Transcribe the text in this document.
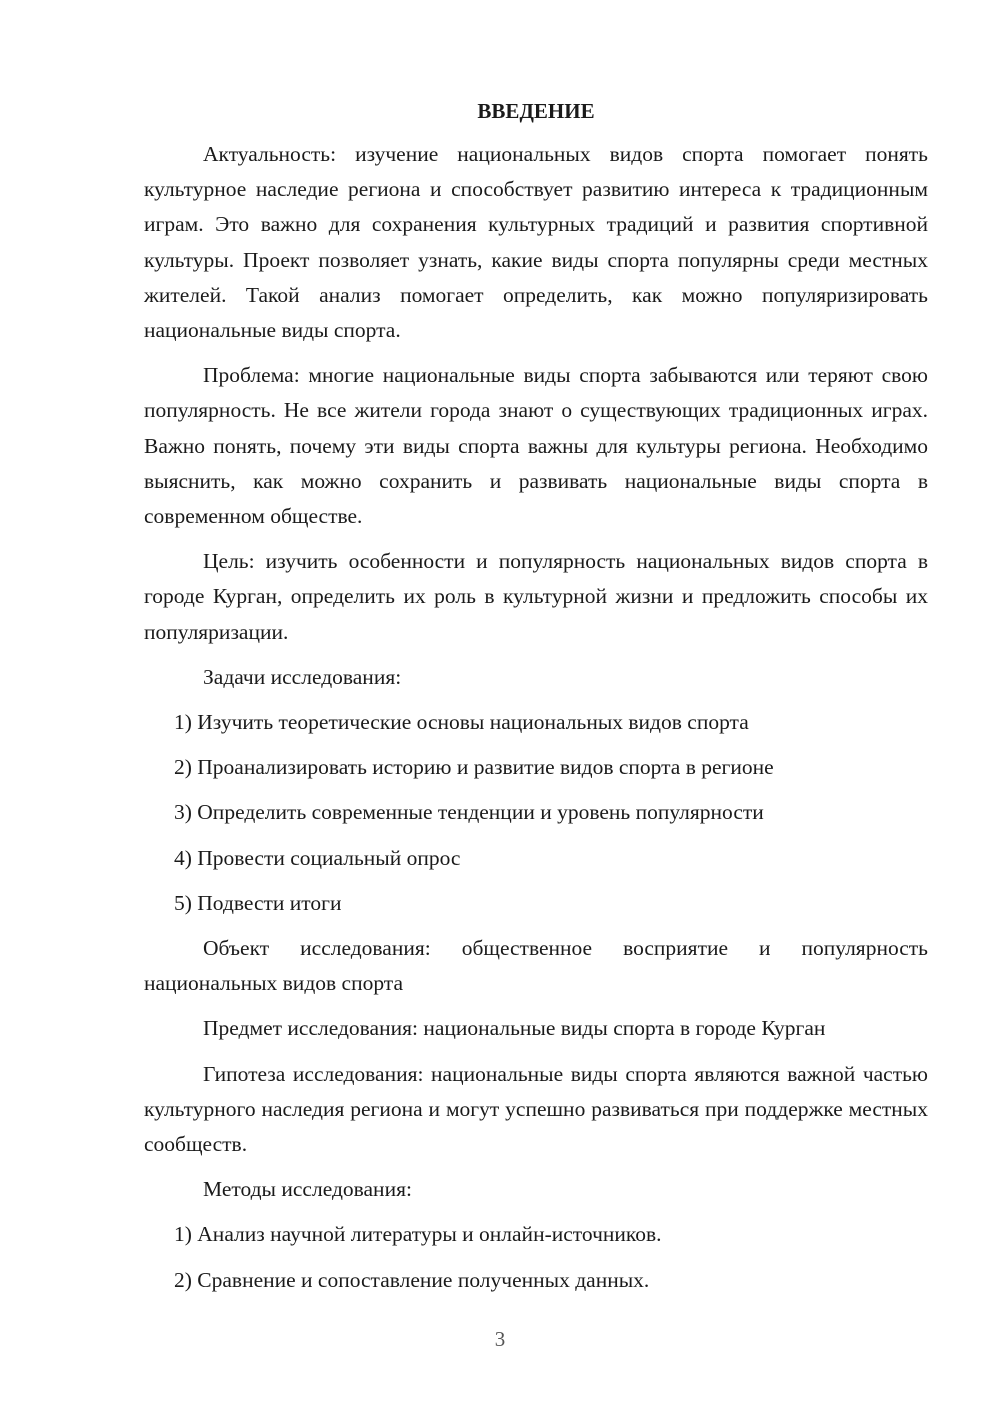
ВВЕДЕНИЕ

Актуальность: изучение национальных видов спорта помогает понять культурное наследие региона и способствует развитию интереса к традиционным играм. Это важно для сохранения культурных традиций и развития спортивной культуры. Проект позволяет узнать, какие виды спорта популярны среди местных жителей. Такой анализ помогает определить, как можно популяризировать национальные виды спорта.

Проблема: многие национальные виды спорта забываются или теряют свою популярность. Не все жители города знают о существующих традиционных играх. Важно понять, почему эти виды спорта важны для культуры региона. Необходимо выяснить, как можно сохранить и развивать национальные виды спорта в современном обществе.

Цель: изучить особенности и популярность национальных видов спорта в городе Курган, определить их роль в культурной жизни и предложить способы их популяризации.

Задачи исследования:

1) Изучить теоретические основы национальных видов спорта
2) Проанализировать историю и развитие видов спорта в регионе
3) Определить современные тенденции и уровень популярности
4) Провести социальный опрос
5) Подвести итоги

Объект исследования: общественное восприятие и популярность национальных видов спорта

Предмет исследования: национальные виды спорта в городе Курган

Гипотеза исследования: национальные виды спорта являются важной частью культурного наследия региона и могут успешно развиваться при поддержке местных сообществ.

Методы исследования:

1) Анализ научной литературы и онлайн-источников.
2) Сравнение и сопоставление полученных данных.
3
